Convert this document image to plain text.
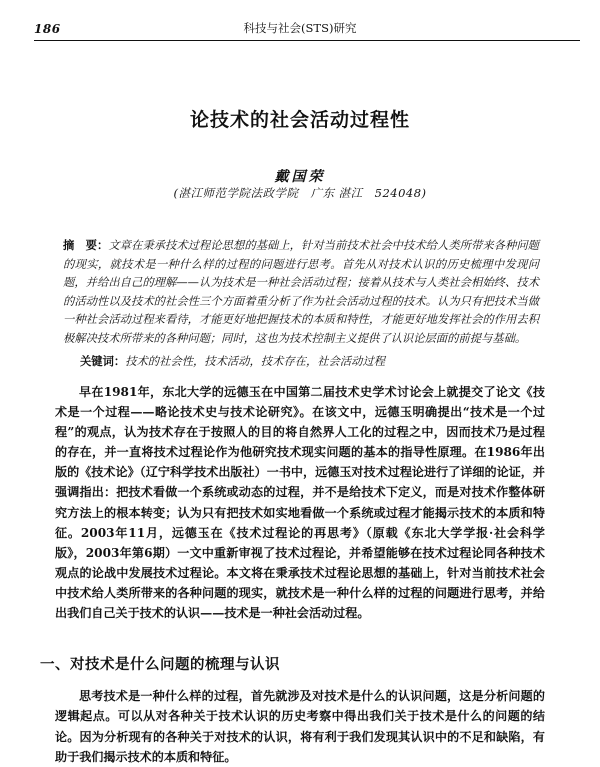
186	科技与社会(STS)研究
论技术的社会活动过程性
戴国荣
(湛江师范学院法政学院　广东 湛江　524048)
摘　要：文章在秉承技术过程论思想的基础上，针对当前技术社会中技术给人类所带来各种问题的现实，就技术是一种什么样的过程的问题进行思考。首先从对技术认识的历史梳理中发现问题，并给出自己的理解——认为技术是一种社会活动过程；接着从技术与人类社会相始终、技术的活动性以及技术的社会性三个方面着重分析了作为社会活动过程的技术。认为只有把技术当做一种社会活动过程来看待，才能更好地把握技术的本质和特性，才能更好地发挥社会的作用去积极解决技术所带来的各种问题；同时，这也为技术控制主义提供了认识论层面的前提与基础。
关键词：技术的社会性，技术活动，技术存在，社会活动过程

早在1981年，东北大学的远德玉在中国第二届技术史学术讨论会上就提交了论文《技术是一个过程——略论技术史与技术论研究》。在该文中，远德玉明确提出“技术是一个过程”的观点，认为技术存在于按照人的目的将自然界人工化的过程之中，因而技术乃是过程的存在，并一直将技术过程论作为他研究技术现实问题的基本的指导性原理。在1986年出版的《技术论》（辽宁科学技术出版社）一书中，远德玉对技术过程论进行了详细的论证，并强调指出：把技术看做一个系统或动态的过程，并不是给技术下定义，而是对技术作整体研究方法上的根本转变；认为只有把技术如实地看做一个系统或过程才能揭示技术的本质和特征。2003年11月，远德玉在《技术过程论的再思考》（原载《东北大学学报·社会科学版》，2003年第6期）一文中重新审视了技术过程论，并希望能够在技术过程论同各种技术观点的论战中发展技术过程论。本文将在秉承技术过程论思想的基础上，针对当前技术社会中技术给人类所带来的各种问题的现实，就技术是一种什么样的过程的问题进行思考，并给出我们自己关于技术的认识——技术是一种社会活动过程。

一、对技术是什么问题的梳理与认识

思考技术是一种什么样的过程，首先就涉及对技术是什么的认识问题，这是分析问题的逻辑起点。可以从对各种关于技术认识的历史考察中得出我们关于技术是什么的问题的结论。因为分析现有的各种关于对技术的认识，将有利于我们发现其认识中的不足和缺陷，有助于我们揭示技术的本质和特征。
